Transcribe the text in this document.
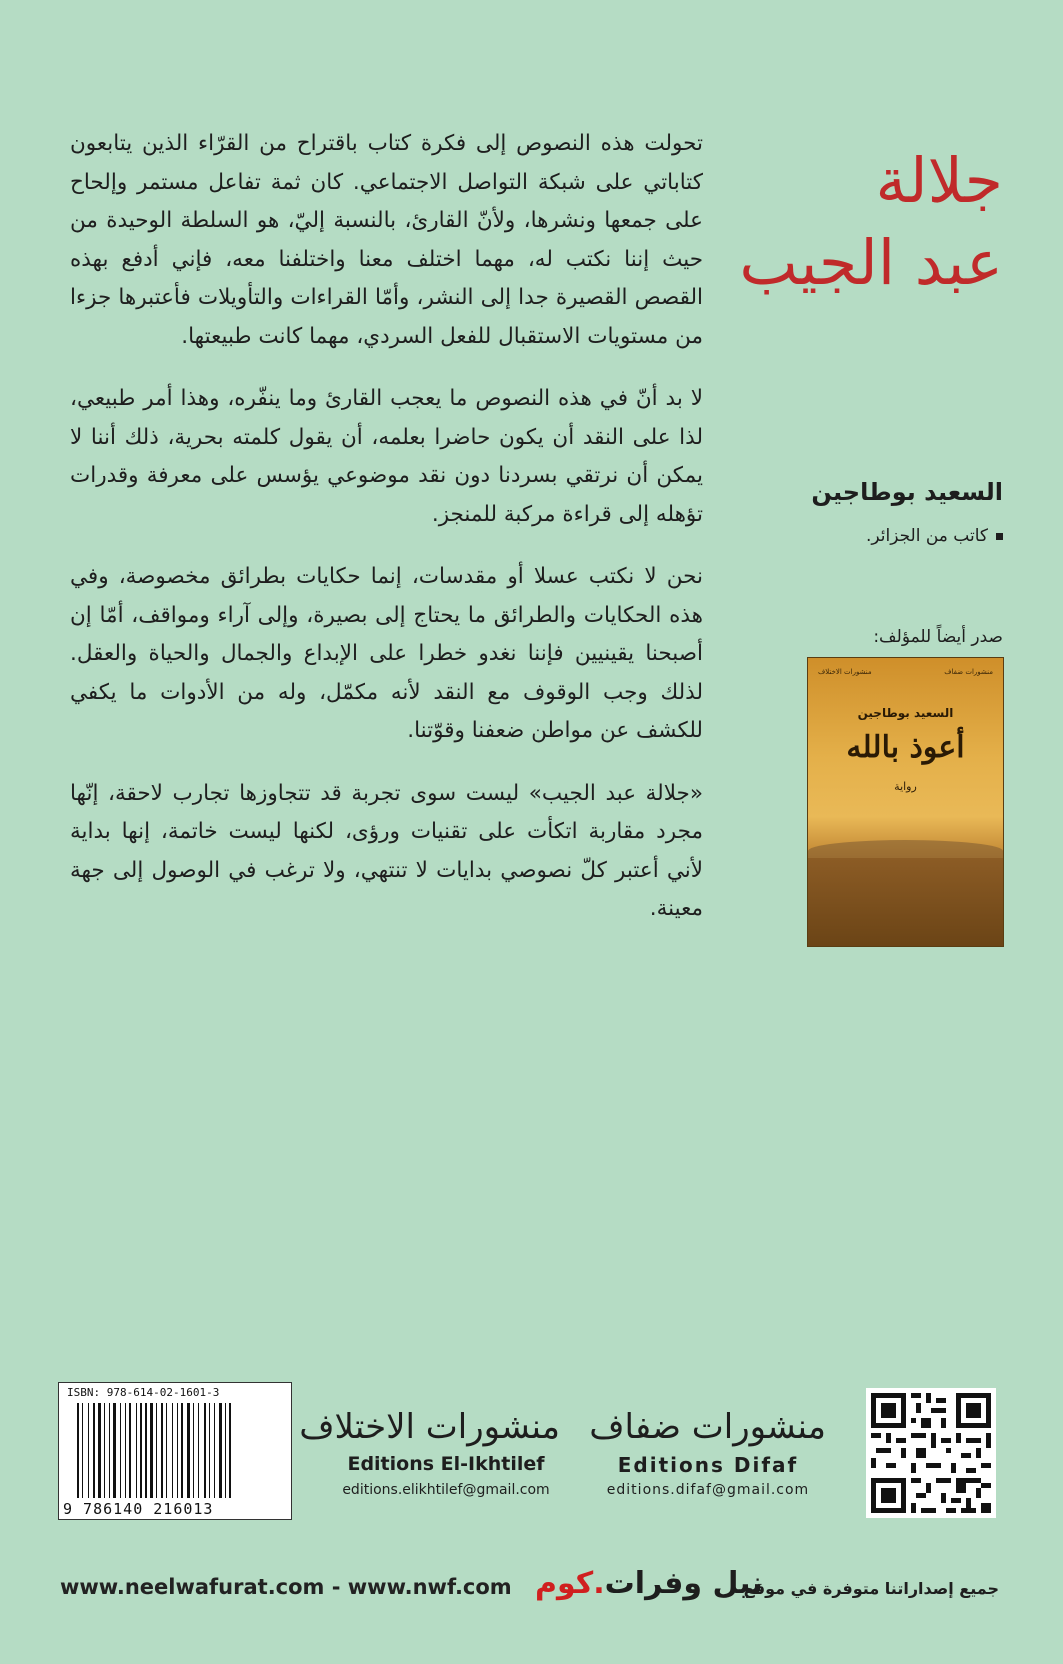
جلالة
عبد الجيب

تحولت هذه النصوص إلى فكرة كتاب باقتراح من القرّاء الذين يتابعون كتاباتي على شبكة التواصل الاجتماعي. كان ثمة تفاعل مستمر وإلحاح على جمعها ونشرها، ولأنّ القارئ، بالنسبة إليّ، هو السلطة الوحيدة من حيث إننا نكتب له، مهما اختلف معنا واختلفنا معه، فإني أدفع بهذه القصص القصيرة جدا إلى النشر، وأمّا القراءات والتأويلات فأعتبرها جزءا من مستويات الاستقبال للفعل السردي، مهما كانت طبيعتها.

لا بد أنّ في هذه النصوص ما يعجب القارئ وما ينفّره، وهذا أمر طبيعي، لذا على النقد أن يكون حاضرا بعلمه، أن يقول كلمته بحرية، ذلك أننا لا يمكن أن نرتقي بسردنا دون نقد موضوعي يؤسس على معرفة وقدرات تؤهله إلى قراءة مركبة للمنجز.

نحن لا نكتب عسلا أو مقدسات، إنما حكايات بطرائق مخصوصة، وفي هذه الحكايات والطرائق ما يحتاج إلى بصيرة، وإلى آراء ومواقف، أمّا إن أصبحنا يقينيين فإننا نغدو خطرا على الإبداع والجمال والحياة والعقل. لذلك وجب الوقوف مع النقد لأنه مكمّل، وله من الأدوات ما يكفي للكشف عن مواطن ضعفنا وقوّتنا.

«جلالة عبد الجيب» ليست سوى تجربة قد تتجاوزها تجارب لاحقة، إنّها مجرد مقاربة اتكأت على تقنيات ورؤى، لكنها ليست خاتمة، إنها بداية لأني أعتبر كلّ نصوصي بدايات لا تنتهي، ولا ترغب في الوصول إلى جهة معينة.

السعيد بوطاجين
كاتب من الجزائر.
صدر أيضاً للمؤلف:
منشورات الاختلاف	منشورات ضفاف
السعيد بوطاجين
أعوذ بالله
رواية
ISBN: 978-614-02-1601-3
9 786140 216013
منشورات الاختلاف
Editions El-Ikhtilef
editions.elikhtilef@gmail.com
منشورات ضفاف
Editions Difaf
editions.difaf@gmail.com
www.neelwafurat.com - www.nwf.com	نيل وفرات.كوم	جميع إصداراتنا متوفرة في موقع
